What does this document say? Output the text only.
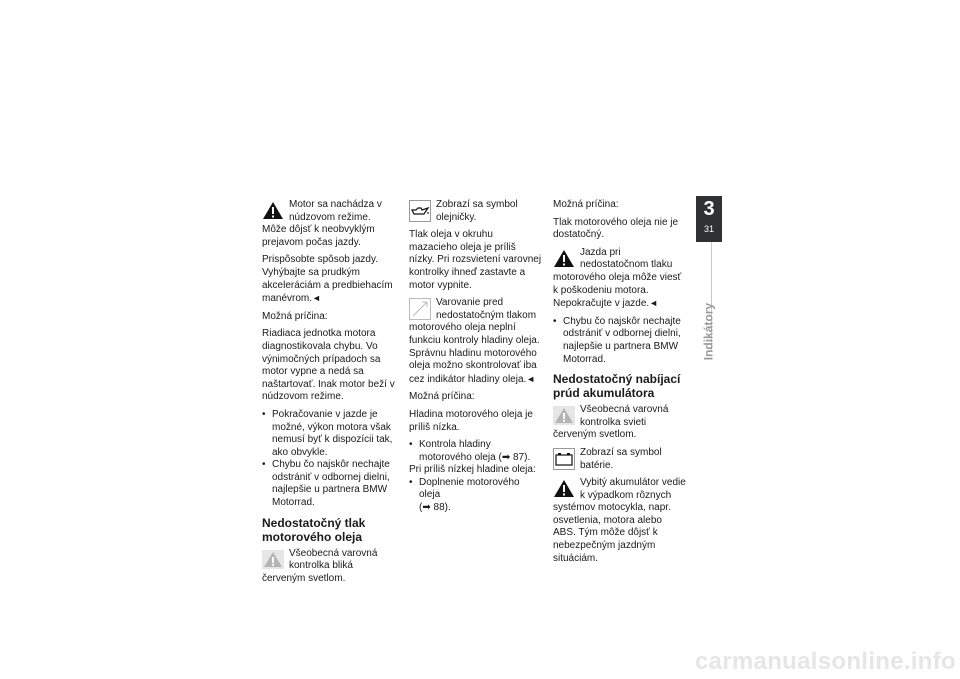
Motor sa nachádza v núdzovom režime. Môže dôjsť k neobvyklým prejavom počas jazdy.
Prispôsobte spôsob jazdy. Vyhýbajte sa prudkým akceleráciám a predbiehacím manévrom.◄

Možná príčina:

Riadiaca jednotka motora diagnostikovala chybu. Vo výnimočných prípadoch sa motor vypne a nedá sa naštartovať. Inak motor beží v núdzovom režime.

• Pokračovanie v jazde je možné, výkon motora však nemusí byť k dispozícii tak, ako obvykle.
• Chybu čo najskôr nechajte odstrániť v odbornej dielni, najlepšie u partnera BMW Motorrad.
Nedostatočný tlak motorového oleja
Všeobecná varovná kontrolka bliká červeným svetlom.
Zobrazí sa symbol olejničky.

Tlak oleja v okruhu mazacieho oleja je príliš nízky. Pri rozsvietení varovnej kontrolky ihneď zastavte a motor vypnite.

Varovanie pred nedostatočným tlakom motorového oleja neplní funkciu kontroly hladiny oleja. Správnu hladinu motorového oleja možno skontrolovať iba cez indikátor hladiny oleja.◄

Možná príčina:

Hladina motorového oleja je príliš nízka.

• Kontrola hladiny motorového oleja (➡ 87).

Pri príliš nízkej hladine oleja:

• Doplnenie motorového oleja
(➡ 88).

Možná príčina:

Tlak motorového oleja nie je dostatočný.

Jazda pri nedostatočnom tlaku motorového oleja môže viesť k poškodeniu motora. Nepokračujte v jazde.◄
• Chybu čo najskôr nechajte odstrániť v odbornej dielni, najlepšie u partnera BMW Motorrad.
Nedostatočný nabíjací prúd akumulátora
Všeobecná varovná kontrolka svieti červeným svetlom.
Zobrazí sa symbol batérie.
Vybitý akumulátor vedie k výpadkom rôznych systémov motocykla, napr. osvetlenia, motora alebo ABS. Tým môže dôjsť k nebezpečným jazdným situáciám.
3
31
Indikátory
carmanualsonline.info
